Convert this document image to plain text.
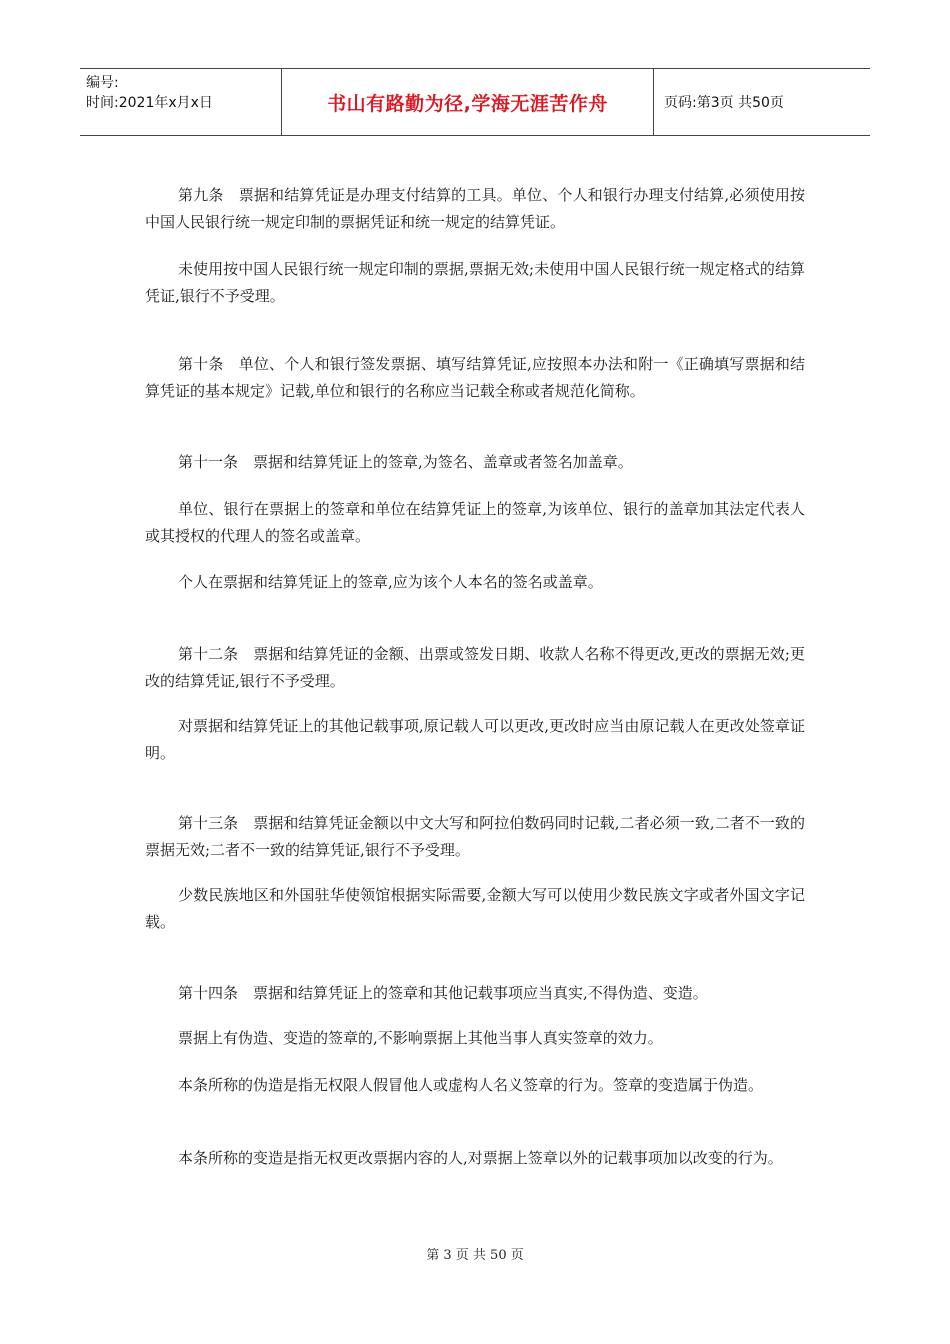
编号:
时间:2021年x月x日	书山有路勤为径,学海无涯苦作舟	页码:第3页 共50页

第九条　票据和结算凭证是办理支付结算的工具。单位、个人和银行办理支付结算,必须使用按中国人民银行统一规定印制的票据凭证和统一规定的结算凭证。

未使用按中国人民银行统一规定印制的票据,票据无效;未使用中国人民银行统一规定格式的结算凭证,银行不予受理。

第十条　单位、个人和银行签发票据、填写结算凭证,应按照本办法和附一《正确填写票据和结算凭证的基本规定》记载,单位和银行的名称应当记载全称或者规范化简称。

第十一条　票据和结算凭证上的签章,为签名、盖章或者签名加盖章。

单位、银行在票据上的签章和单位在结算凭证上的签章,为该单位、银行的盖章加其法定代表人或其授权的代理人的签名或盖章。

个人在票据和结算凭证上的签章,应为该个人本名的签名或盖章。

第十二条　票据和结算凭证的金额、出票或签发日期、收款人名称不得更改,更改的票据无效;更改的结算凭证,银行不予受理。

对票据和结算凭证上的其他记载事项,原记载人可以更改,更改时应当由原记载人在更改处签章证明。

第十三条　票据和结算凭证金额以中文大写和阿拉伯数码同时记载,二者必须一致,二者不一致的票据无效;二者不一致的结算凭证,银行不予受理。

少数民族地区和外国驻华使领馆根据实际需要,金额大写可以使用少数民族文字或者外国文字记载。

第十四条　票据和结算凭证上的签章和其他记载事项应当真实,不得伪造、变造。

票据上有伪造、变造的签章的,不影响票据上其他当事人真实签章的效力。

本条所称的伪造是指无权限人假冒他人或虚构人名义签章的行为。签章的变造属于伪造。

本条所称的变造是指无权更改票据内容的人,对票据上签章以外的记载事项加以改变的行为。

第 3 页 共 50 页
